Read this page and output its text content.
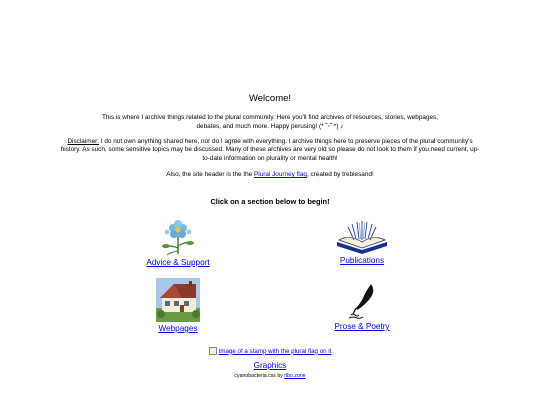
Welcome!
This is where I archive things related to the plural community. Here you'll find archives of resources, stories, webpages,
debates, and much more. Happy perusing! (* ˘ᵕ˘ *) ♪
Disclaimer: I do not own anything shared here, nor do I agree with everything. I archive things here to preserve pieces of the plural community's history. As such, some sensitive topics may be discussed. Many of these archives are very old so please do not look to them if you need current, up-to-date information on plurality or mental health!
Also, the site header is the the Plural Journey flag, created by treblesand!
Click on a section below to begin!
Advice & Support	Publications
Webpages	Prose & Poetry
Image of a stamp with the plural flag on it
Graphics
cyanobacteria.css by ribo.zone
